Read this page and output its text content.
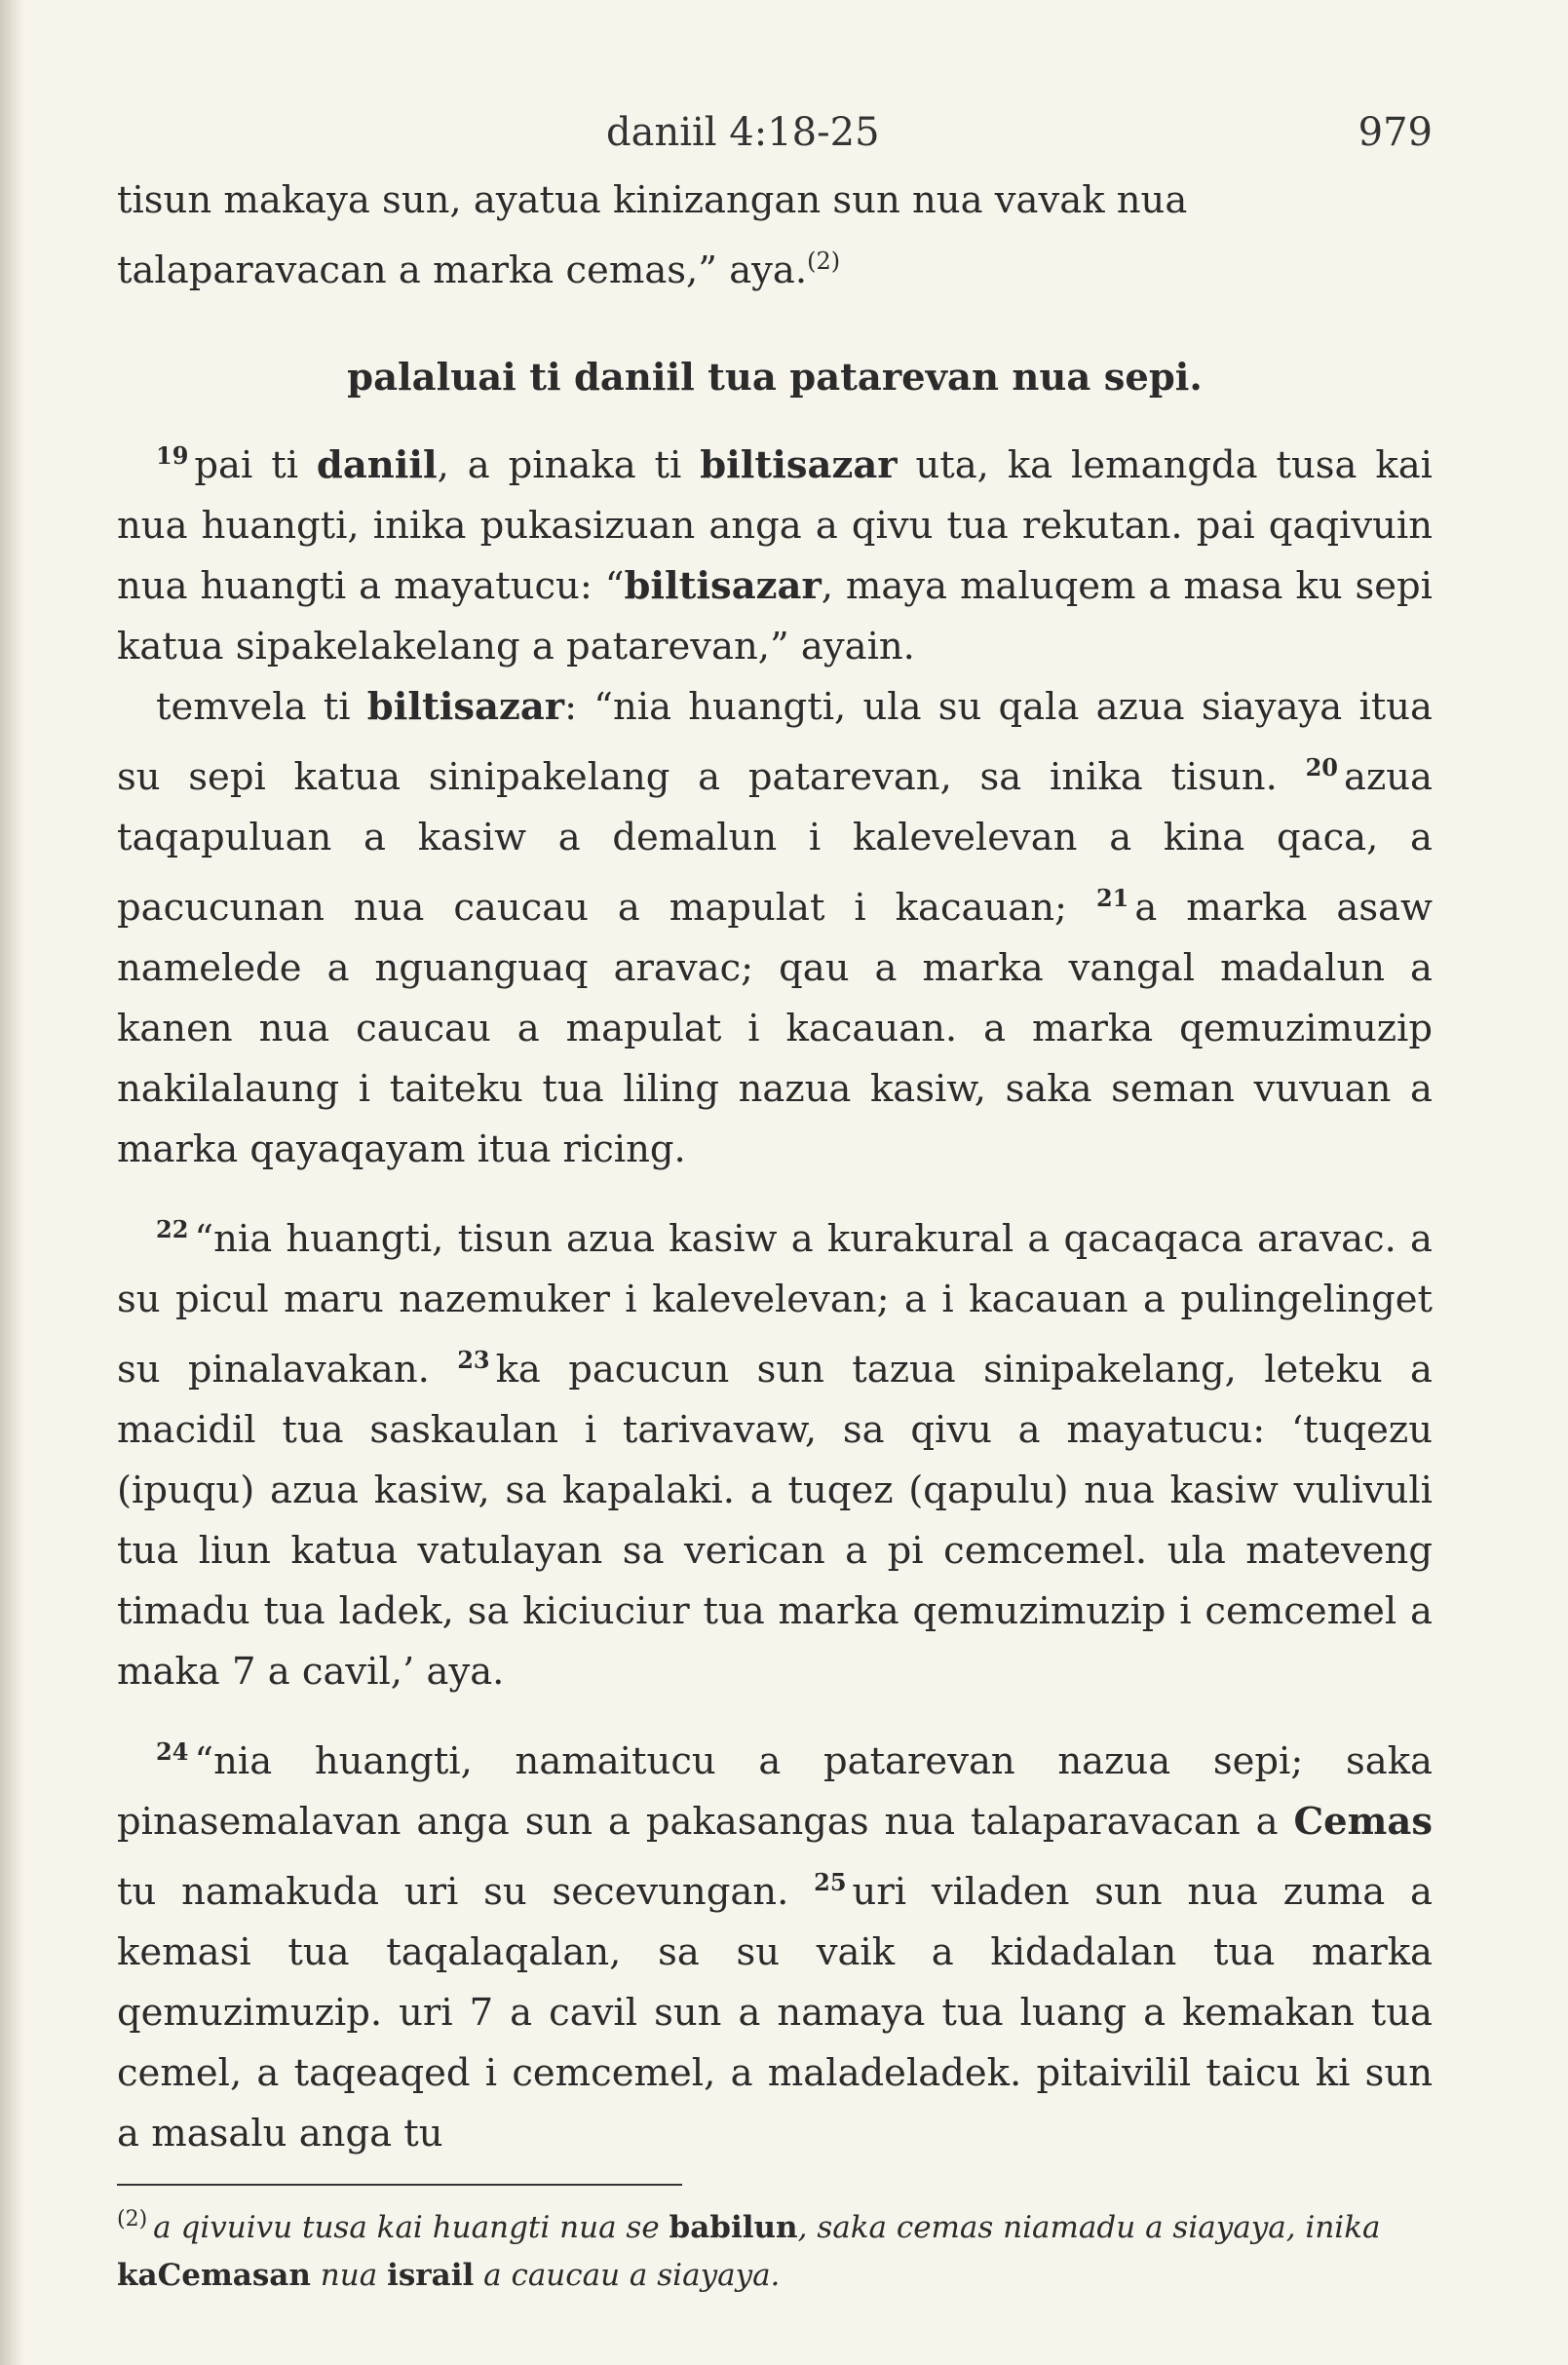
daniil 4:18-25	979

tisun makaya sun, ayatua kinizangan sun nua vavak nua
talaparavacan a marka cemas,” aya.$^{(2)}$

palaluai ti daniil tua patarevan nua sepi.

$^{19}$ pai ti daniil, a pinaka ti biltisazar uta, ka lemangda tusa kai nua huangti, inika pukasizuan anga a qivu tua rekutan. pai qaqivuin nua huangti a mayatucu: “biltisazar, maya maluqem a masa ku sepi katua sipakelakelang a patarevan,” ayain.

temvela ti biltisazar: “nia huangti, ula su qala azua siayaya itua su sepi katua sinipakelang a patarevan, sa inika tisun. $^{20}$ azua taqapuluan a kasiw a demalun i kalevelevan a kina qaca, a pacucunan nua caucau a mapulat i kacauan; $^{21}$ a marka asaw namelede a nguanguaq aravac; qau a marka vangal madalun a kanen nua caucau a mapulat i kacauan. a marka qemuzimuzip nakilalaung i taiteku tua liling nazua kasiw, saka seman vuvuan a marka qayaqayam itua ricing.

$^{22}$ “nia huangti, tisun azua kasiw a kurakural a qacaqaca aravac. a su picul maru nazemuker i kalevelevan; a i kacauan a pulingelinget su pinalavakan. $^{23}$ ka pacucun sun tazua sinipakelang, leteku a macidil tua saskaulan i tarivavaw, sa qivu a mayatucu: ‘tuqezu (ipuqu) azua kasiw, sa kapalaki. a tuqez (qapulu) nua kasiw vulivuli tua liun katua vatulayan sa verican a pi cemcemel. ula mateveng timadu tua ladek, sa kiciuciur tua marka qemuzimuzip i cemcemel a maka 7 a cavil,’ aya.

$^{24}$ “nia huangti, namaitucu a patarevan nazua sepi; saka pinasemalavan anga sun a pakasangas nua talaparavacan a Cemas tu namakuda uri su secevungan. $^{25}$ uri viladen sun nua zuma a kemasi tua taqalaqalan, sa su vaik a kidadalan tua marka qemuzimuzip. uri 7 a cavil sun a namaya tua luang a kemakan tua cemel, a taqeaqed i cemcemel, a maladeladek. pitaivilil taicu ki sun a masalu anga tu

$^{(2)}$ a qivuivu tusa kai huangti nua se babilun, saka cemas niamadu a siayaya, inika kaCemasan nua israil a caucau a siayaya.
